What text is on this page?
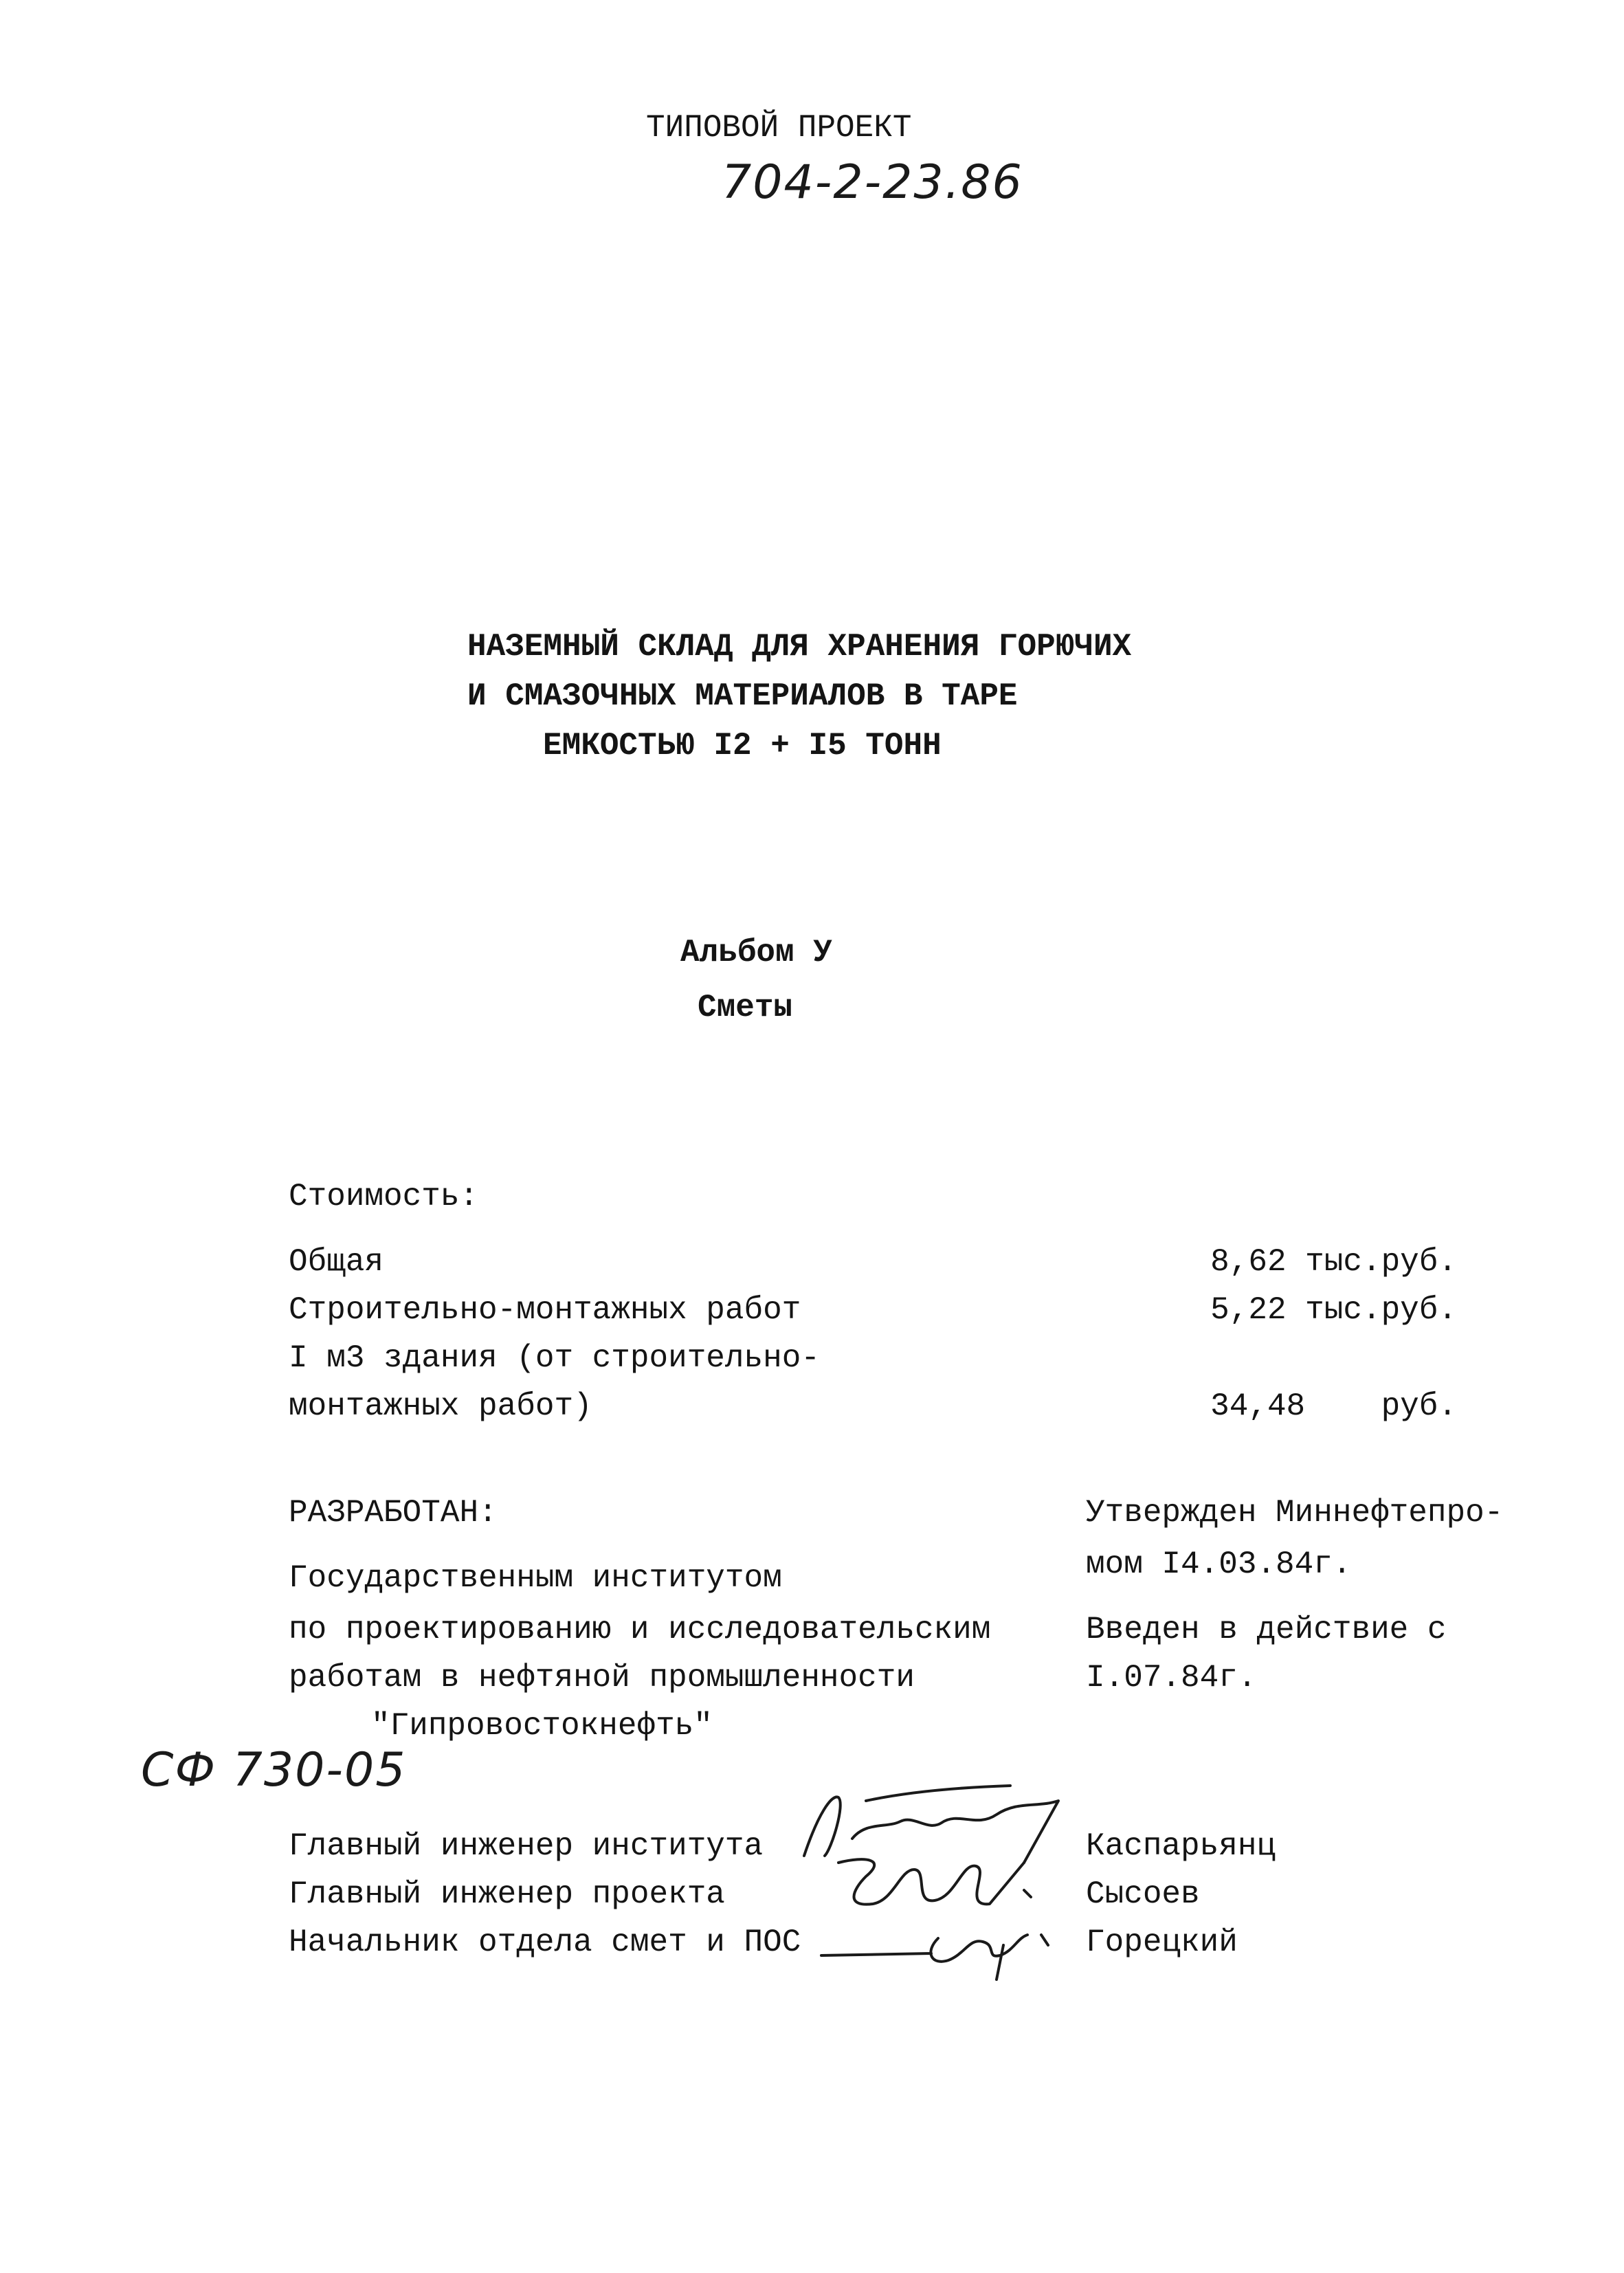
ТИПОВОЙ ПРОЕКТ
704-2-23.86
НАЗЕМНЫЙ СКЛАД ДЛЯ ХРАНЕНИЯ ГОРЮЧИХ
И СМАЗОЧНЫХ МАТЕРИАЛОВ В ТАРЕ
ЕМКОСТЬЮ I2 + I5 ТОНН
Альбом У
Сметы
Стоимость:
Общая	8,62 тыс.руб.
Строительно-монтажных работ	5,22 тыс.руб.
I м3 здания (от строительно-
монтажных работ)	34,48    руб.
РАЗРАБОТАН:
Государственным институтом
по проектированию и исследовательским
работам в нефтяной промышленности
"Гипровостокнефть"
Утвержден Миннефтепро-
мом I4.03.84г.
Введен в действие с
I.07.84г.
СФ 730-05
Главный инженер института	Каспарьянц
Главный инженер проекта	Сысоев
Начальник отдела смет и ПОС	Горецкий
